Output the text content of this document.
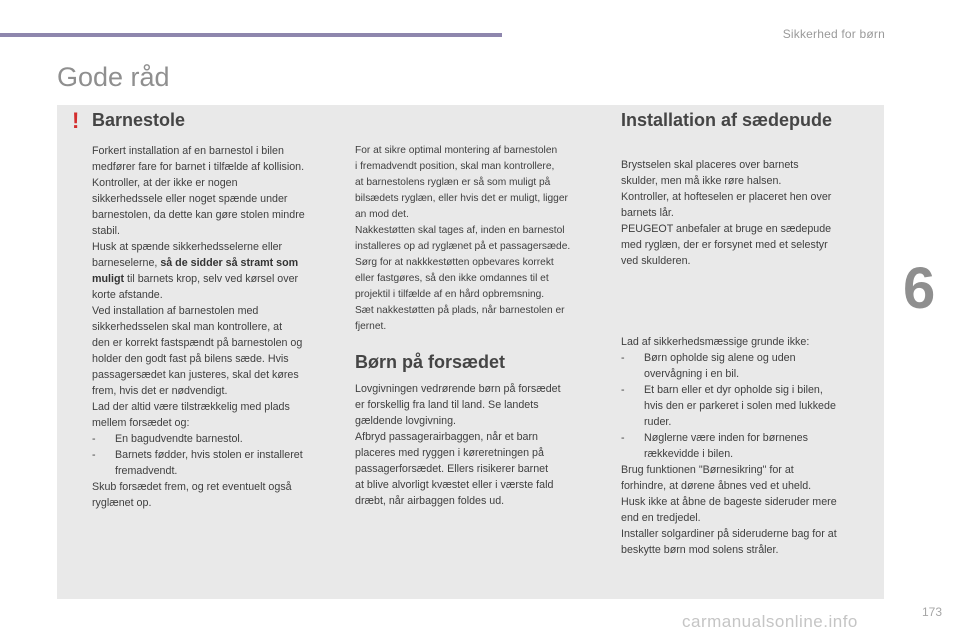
Sikkerhed for børn
Gode råd
6
! Barnestole

Forkert installation af en barnestol i bilen

medfører fare for barnet i tilfælde af kollision.

Kontroller, at der ikke er nogen

sikkerhedssele eller noget spænde under

barnestolen, da dette kan gøre stolen mindre

stabil.

Husk at spænde sikkerhedsselerne eller

barneselerne, så de sidder så stramt som

muligt til barnets krop, selv ved kørsel over

korte afstande.

Ved installation af barnestolen med

sikkerhedsselen skal man kontrollere, at

den er korrekt fastspændt på barnestolen og

holder den godt fast på bilens sæde. Hvis

passagersædet kan justeres, skal det køres

frem, hvis det er nødvendigt.

Lad der altid være tilstrækkelig med plads

mellem forsædet og:

- En bagudvendte barnestol.

- Barnets fødder, hvis stolen er installeret

fremadvendt.

Skub forsædet frem, og ret eventuelt også

ryglænet op.

For at sikre optimal montering af barnestolen

i fremadvendt position, skal man kontrollere,

at barnestolens ryglæn er så som muligt på

bilsædets ryglæn, eller hvis det er muligt, ligger

an mod det.

Nakkestøtten skal tages af, inden en barnestol

installeres op ad ryglænet på et passagersæde.

Sørg for at nakkkestøtten opbevares korrekt

eller fastgøres, så den ikke omdannes til et

projektil i tilfælde af en hård opbremsning.

Sæt nakkestøtten på plads, når barnestolen er

fjernet.

Børn på forsædet

Lovgivningen vedrørende børn på forsædet

er forskellig fra land til land. Se landets

gældende lovgivning.

Afbryd passagerairbaggen, når et barn

placeres med ryggen i køreretningen på

passagerforsædet. Ellers risikerer barnet

at blive alvorligt kvæstet eller i værste fald

dræbt, når airbaggen foldes ud.

Installation af sædepude

Brystselen skal placeres over barnets

skulder, men må ikke røre halsen.

Kontroller, at hofteselen er placeret hen over

barnets lår.

PEUGEOT anbefaler at bruge en sædepude

med ryglæn, der er forsynet med et selestyr

ved skulderen.

Lad af sikkerhedsmæssige grunde ikke:

- Børn opholde sig alene og uden

overvågning i en bil.

- Et barn eller et dyr opholde sig i bilen,

hvis den er parkeret i solen med lukkede

ruder.

- Nøglerne være inden for børnenes

rækkevidde i bilen.

Brug funktionen "Børnesikring" for at

forhindre, at dørene åbnes ved et uheld.

Husk ikke at åbne de bageste sideruder mere

end en tredjedel.

Installer solgardiner på sideruderne bag for at

beskytte børn mod solens stråler.

173
carmanualsonline.info
